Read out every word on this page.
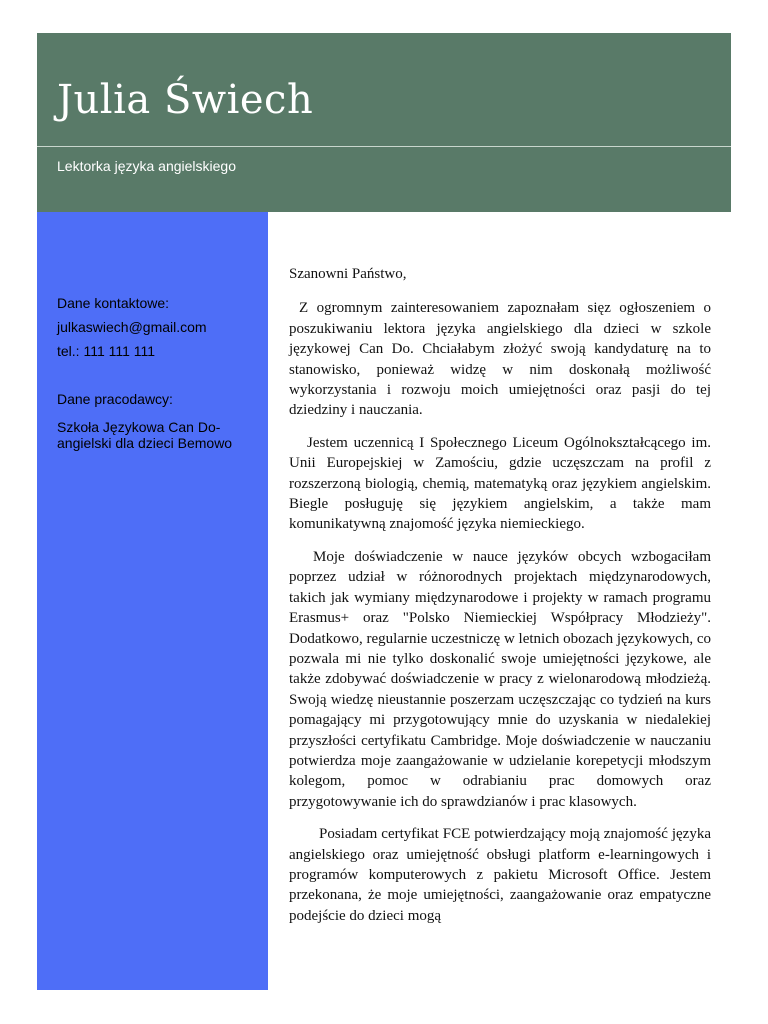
Julia Świech
Lektorka języka angielskiego
Dane kontaktowe:
julkaswiech@gmail.com
tel.: 111 111 111
Dane pracodawcy:
Szkoła Językowa Can Do-
angielski dla dzieci Bemowo

Szanowni Państwo,

Z ogromnym zainteresowaniem zapoznałam sięz ogłoszeniem o poszukiwaniu lektora języka angielskiego dla dzieci w szkole językowej Can Do. Chciałabym złożyć swoją kandydaturę na to stanowisko, ponieważ widzę w nim doskonałą możliwość wykorzystania i rozwoju moich umiejętności oraz pasji do tej dziedziny i nauczania.

Jestem uczennicą I Społecznego Liceum Ogólnokształcącego im. Unii Europejskiej w Zamościu, gdzie uczęszczam na profil z rozszerzoną biologią, chemią, matematyką oraz językiem angielskim. Biegle posługuję się językiem angielskim, a także mam komunikatywną znajomość języka niemieckiego.

Moje doświadczenie w nauce języków obcych wzbogaciłam poprzez udział w różnorodnych projektach międzynarodowych, takich jak wymiany międzynarodowe i projekty w ramach programu Erasmus+ oraz "Polsko Niemieckiej Współpracy Młodzieży". Dodatkowo, regularnie uczestniczę w letnich obozach językowych, co pozwala mi nie tylko doskonalić swoje umiejętności językowe, ale także zdobywać doświadczenie w pracy z wielonarodową młodzieżą. Swoją wiedzę nieustannie poszerzam uczęszczając co tydzień na kurs pomagający mi przygotowujący mnie do uzyskania w niedalekiej przyszłości certyfikatu Cambridge. Moje doświadczenie w nauczaniu potwierdza moje zaangażowanie w udzielanie korepetycji młodszym kolegom, pomoc w odrabianiu prac domowych oraz przygotowywanie ich do sprawdzianów i prac klasowych.

Posiadam certyfikat FCE potwierdzający moją znajomość języka angielskiego oraz umiejętność obsługi platform e-learningowych i programów komputerowych z pakietu Microsoft Office. Jestem przekonana, że moje umiejętności, zaangażowanie oraz empatyczne podejście do dzieci mogą
